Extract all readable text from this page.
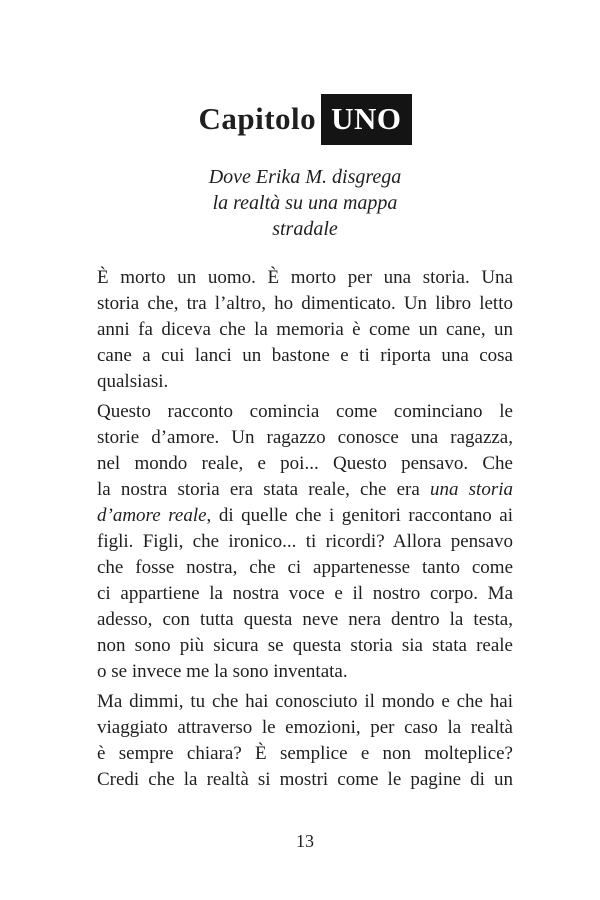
Capitolo UNO
Dove Erika M. disgrega
la realtà su una mappa
stradale
È morto un uomo. È morto per una storia. Una
storia che, tra l’altro, ho dimenticato. Un libro letto
anni fa diceva che la memoria è come un cane, un
cane a cui lanci un bastone e ti riporta una cosa
qualsiasi.
Questo racconto comincia come cominciano le
storie d’amore. Un ragazzo conosce una ragazza,
nel mondo reale, e poi... Questo pensavo. Che
la nostra storia era stata reale, che era una storia
d’amore reale, di quelle che i genitori raccontano ai
figli. Figli, che ironico... ti ricordi? Allora pensavo
che fosse nostra, che ci appartenesse tanto come
ci appartiene la nostra voce e il nostro corpo. Ma
adesso, con tutta questa neve nera dentro la testa,
non sono più sicura se questa storia sia stata reale
o se invece me la sono inventata.
Ma dimmi, tu che hai conosciuto il mondo e che hai
viaggiato attraverso le emozioni, per caso la realtà
è sempre chiara? È semplice e non molteplice?
Credi che la realtà si mostri come le pagine di un
13
